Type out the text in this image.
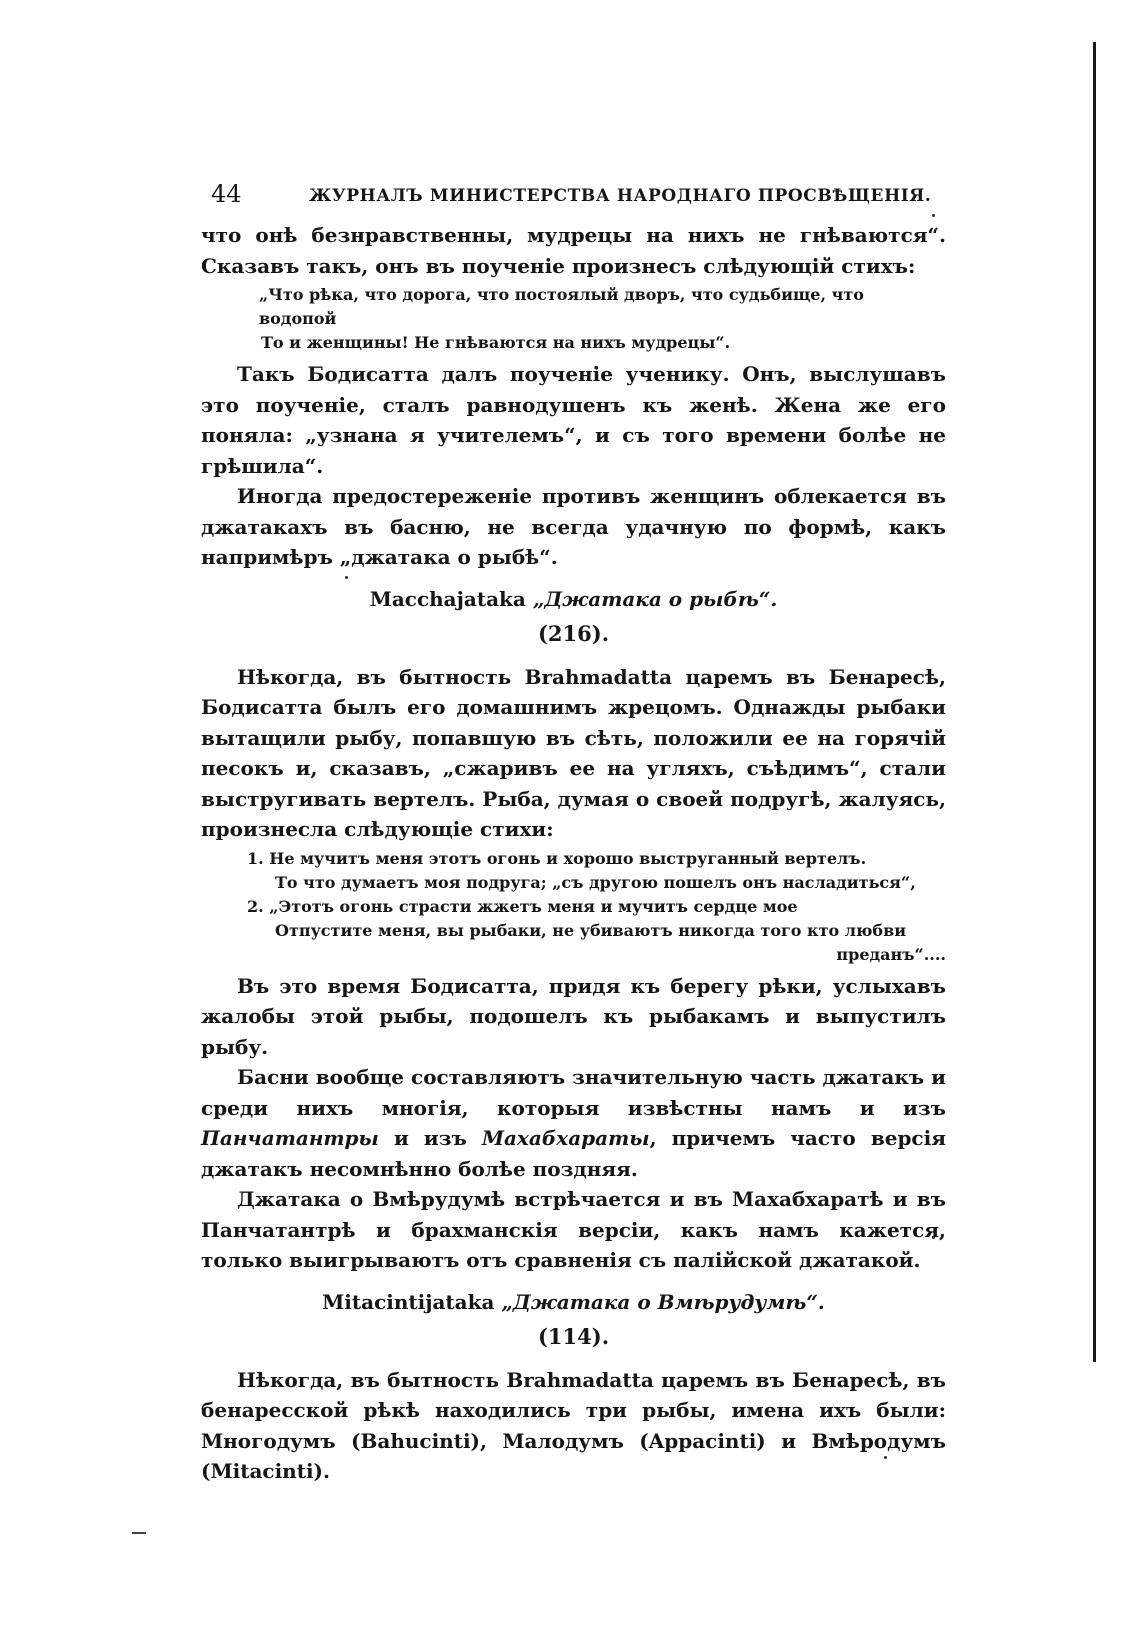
44	ЖУРНАЛЪ МИНИСТЕРСТВА НАРОДНАГО ПРОСВѢЩЕНІЯ.

что онѣ безнравственны, мудрецы на нихъ не гнѣваются“. Сказавъ такъ, онъ въ поученіе произнесъ слѣдующій стихъ:

„Что рѣка, что дорога, что постоялый дворъ, что судьбище, что водопой
То и женщины! Не гнѣваются на нихъ мудрецы“.

Такъ Бодисатта далъ поученіе ученику. Онъ, выслушавъ это поученіе, сталъ равнодушенъ къ женѣ. Жена же его поняла: „узнана я учителемъ“, и съ того времени болѣе не грѣшила“.

Иногда предостереженіе противъ женщинъ облекается въ джатакахъ въ басню, не всегда удачную по формѣ, какъ напримѣръ „джатака о рыбѣ“.

Macchajataka „Джатака о рыбѣ“.
(216).

Нѣкогда, въ бытность Brahmadatta царемъ въ Бенаресѣ, Бодисатта былъ его домашнимъ жрецомъ. Однажды рыбаки вытащили рыбу, попавшую въ сѣть, положили ее на горячій песокъ и, сказавъ, „сжаривъ ее на угляхъ, съѣдимъ“, стали выстругивать вертелъ. Рыба, думая о своей подругѣ, жалуясь, произнесла слѣдующіе стихи:

1. Не мучитъ меня этотъ огонь и хорошо выструганный вертелъ.
То что думаетъ моя подруга; „съ другою пошелъ онъ насладиться“,
2. „Этотъ огонь страсти жжетъ меня и мучитъ сердце мое
Отпустите меня, вы рыбаки, не убиваютъ никогда того кто любви
преданъ“....

Въ это время Бодисатта, придя къ берегу рѣки, услыхавъ жалобы этой рыбы, подошелъ къ рыбакамъ и выпустилъ рыбу.

Басни вообще составляютъ значительную часть джатакъ и среди нихъ многія, которыя извѣстны намъ и изъ Панчатантры и изъ Махабхараты, причемъ часто версія джатакъ несомнѣнно болѣе поздняя.

Джатака о Вмѣрудумѣ встрѣчается и въ Махабхаратѣ и въ Панчатантрѣ и брахманскія версіи, какъ намъ кажется, только выигрываютъ отъ сравненія съ палійской джатакой.

Mitacintijataka „Джатака о Вмѣрудумѣ“.
(114).

Нѣкогда, въ бытность Brahmadatta царемъ въ Бенаресѣ, въ бенаресской рѣкѣ находились три рыбы, имена ихъ были: Многодумъ (Bahucinti), Малодумъ (Appacinti) и Вмѣродумъ (Mitacinti).
